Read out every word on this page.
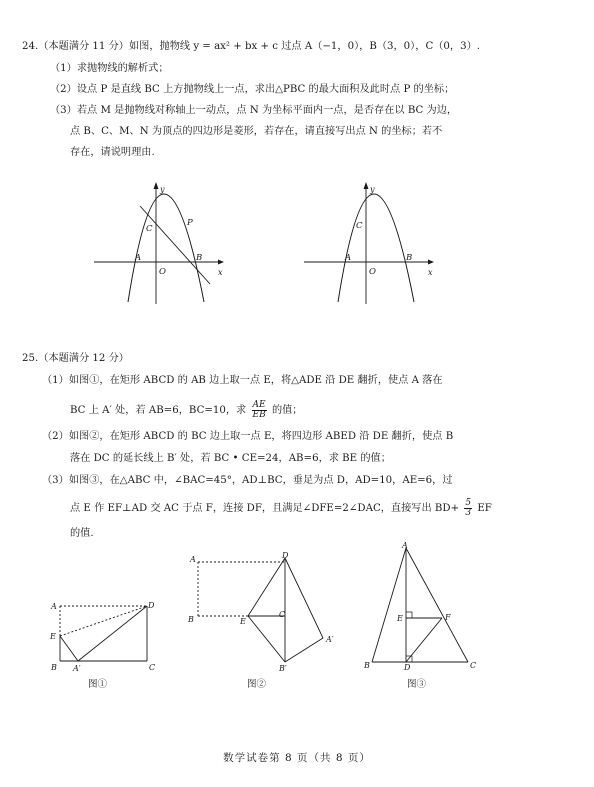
24.（本题满分 11 分）如图，抛物线 y = ax² + bx + c 过点 A（−1，0），B（3，0），C（0，3）.
（1）求抛物线的解析式；
（2）设点 P 是直线 BC 上方抛物线上一点，求出△PBC 的最大面积及此时点 P 的坐标；
（3）若点 M 是抛物线对称轴上一动点，点 N 为坐标平面内一点，是否存在以 BC 为边，
点 B、C、M、N 为顶点的四边形是菱形，若存在，请直接写出点 N 的坐标；若不
存在，请说明理由.
y
x
O
A	B
C
P
y
x
O
A	B
C
25.（本题满分 12 分）
（1）如图①，在矩形 ABCD 的 AB 边上取一点 E，将△ADE 沿 DE 翻折，使点 A 落在
BC 上 A′ 处，若 AB=6，BC=10，求 $\frac{AE}{EB}$ 的值；
（2）如图②，在矩形 ABCD 的 BC 边上取一点 E，将四边形 ABED 沿 DE 翻折，使点 B
落在 DC 的延长线上 B′ 处，若 BC • CE=24，AB=6，求 BE 的值；
（3）如图③，在△ABC 中，∠BAC=45°，AD⊥BC，垂足为点 D，AD=10，AE=6，过
点 E 作 EF⊥AD 交 AC 于点 F，连接 DF，且满足∠DFE=2∠DAC，直接写出 $BD+ \frac{5}{3}$ EF
的值.
A
E
B A′	C
D
图①
A
B	E
C
D
A′
B′
图②
A
E	F
B	D	C
图③
数学试卷第 8 页（共 8 页）
